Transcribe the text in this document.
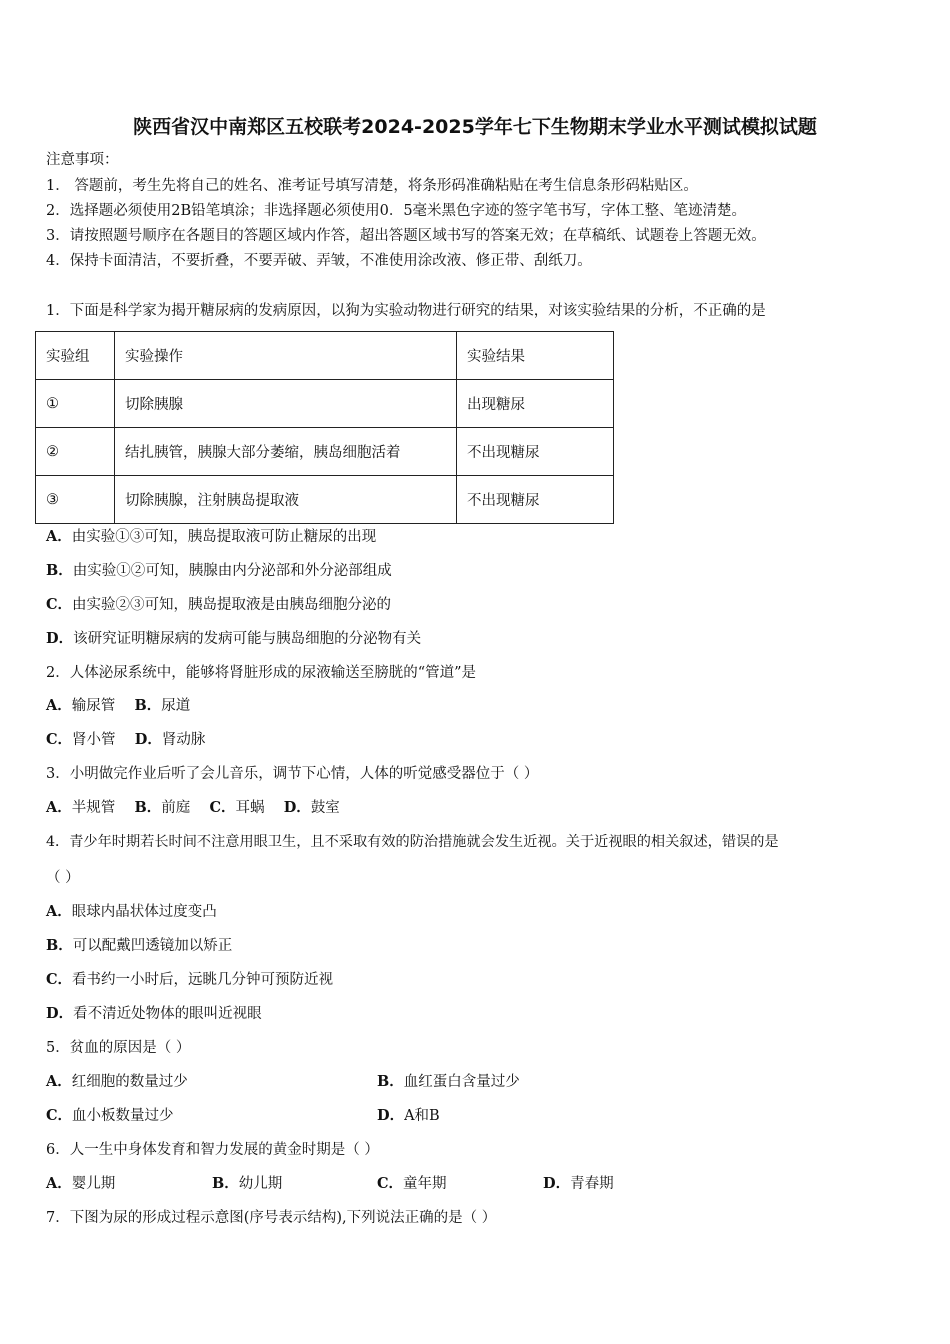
陕西省汉中南郑区五校联考2024-2025学年七下生物期末学业水平测试模拟试题
注意事项：
1． 答题前，考生先将自己的姓名、准考证号填写清楚，将条形码准确粘贴在考生信息条形码粘贴区。
2．选择题必须使用2B铅笔填涂；非选择题必须使用0．5毫米黑色字迹的签字笔书写，字体工整、笔迹清楚。
3．请按照题号顺序在各题目的答题区域内作答，超出答题区域书写的答案无效；在草稿纸、试题卷上答题无效。
4．保持卡面清洁，不要折叠，不要弄破、弄皱，不准使用涂改液、修正带、刮纸刀。
1．下面是科学家为揭开糖尿病的发病原因，以狗为实验动物进行研究的结果，对该实验结果的分析，不正确的是
实验组	实验操作	实验结果
①	切除胰腺	出现糖尿
②	结扎胰管，胰腺大部分萎缩，胰岛细胞活着	不出现糖尿
③	切除胰腺，注射胰岛提取液	不出现糖尿
A．由实验①③可知，胰岛提取液可防止糖尿的出现
B．由实验①②可知，胰腺由内分泌部和外分泌部组成
C．由实验②③可知，胰岛提取液是由胰岛细胞分泌的
D．该研究证明糖尿病的发病可能与胰岛细胞的分泌物有关
2．人体泌尿系统中，能够将肾脏形成的尿液输送至膀胱的“管道”是
A．输尿管 B．尿道
C．肾小管 D．肾动脉
3．小明做完作业后听了会儿音乐，调节下心情，人体的听觉感受器位于（ ）
A．半规管 B．前庭 C．耳蜗 D．鼓室
4．青少年时期若长时间不注意用眼卫生，且不采取有效的防治措施就会发生近视。关于近视眼的相关叙述，错误的是
（ ）
A．眼球内晶状体过度变凸
B．可以配戴凹透镜加以矫正
C．看书约一小时后，远眺几分钟可预防近视
D．看不清近处物体的眼叫近视眼
5．贫血的原因是（ ）
A．红细胞的数量过少	B．血红蛋白含量过少
C．血小板数量过少	D．A和B
6．人一生中身体发育和智力发展的黄金时期是（ ）
A．婴儿期	B．幼儿期	C．童年期	D．青春期
7．下图为尿的形成过程示意图(序号表示结构),下列说法正确的是（ ）
